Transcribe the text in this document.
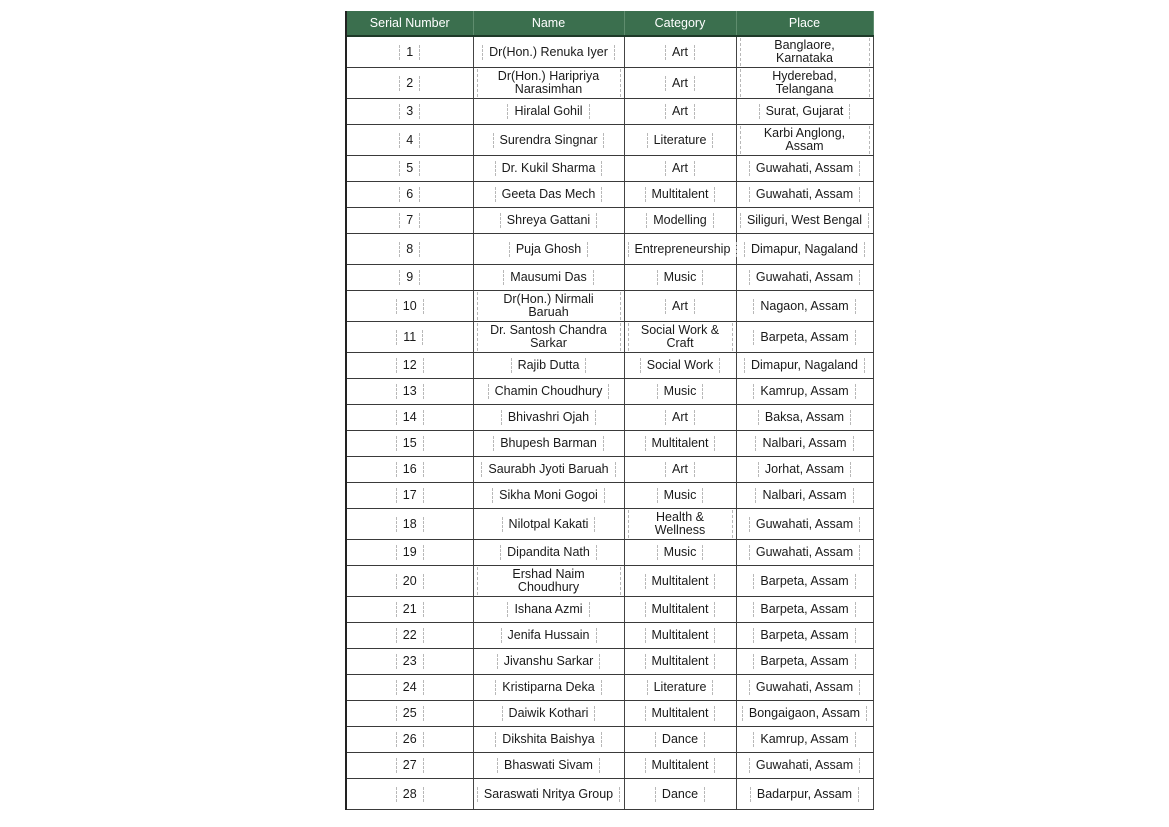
Serial Number	Name	Category	Place
1	Dr(Hon.) Renuka Iyer	Art	Banglaore, Karnataka
2	Dr(Hon.) Haripriya Narasimhan	Art	Hyderebad, Telangana
3	Hiralal Gohil	Art	Surat, Gujarat
4	Surendra Singnar	Literature	Karbi Anglong, Assam
5	Dr. Kukil Sharma	Art	Guwahati, Assam
6	Geeta Das Mech	Multitalent	Guwahati, Assam
7	Shreya Gattani	Modelling	Siliguri, West Bengal
8	Puja Ghosh	Entrepreneurship	Dimapur, Nagaland
9	Mausumi Das	Music	Guwahati, Assam
10	Dr(Hon.) Nirmali Baruah	Art	Nagaon, Assam
11	Dr. Santosh Chandra Sarkar	Social Work & Craft	Barpeta, Assam
12	Rajib Dutta	Social Work	Dimapur, Nagaland
13	Chamin Choudhury	Music	Kamrup, Assam
14	Bhivashri Ojah	Art	Baksa, Assam
15	Bhupesh Barman	Multitalent	Nalbari, Assam
16	Saurabh Jyoti Baruah	Art	Jorhat, Assam
17	Sikha Moni Gogoi	Music	Nalbari, Assam
18	Nilotpal Kakati	Health & Wellness	Guwahati, Assam
19	Dipandita Nath	Music	Guwahati, Assam
20	Ershad Naim Choudhury	Multitalent	Barpeta, Assam
21	Ishana Azmi	Multitalent	Barpeta, Assam
22	Jenifa Hussain	Multitalent	Barpeta, Assam
23	Jivanshu Sarkar	Multitalent	Barpeta, Assam
24	Kristiparna Deka	Literature	Guwahati, Assam
25	Daiwik Kothari	Multitalent	Bongaigaon, Assam
26	Dikshita Baishya	Dance	Kamrup, Assam
27	Bhaswati Sivam	Multitalent	Guwahati, Assam
28	Saraswati Nritya Group	Dance	Badarpur, Assam
